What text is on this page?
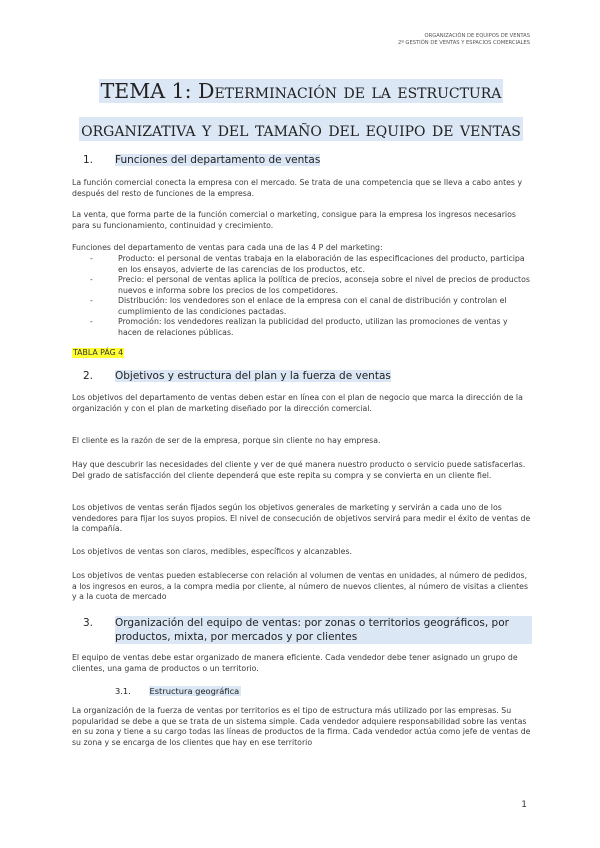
ORGANIZACIÓN DE EQUIPOS DE VENTAS
2º GESTIÓN DE VENTAS Y ESPACIOS COMERCIALES
TEMA 1: Determinación de la estructura organizativa y del tamaño del equipo de ventas
1. Funciones del departamento de ventas
La función comercial conecta la empresa con el mercado. Se trata de una competencia que se lleva a cabo antes y después del resto de funciones de la empresa.
La venta, que forma parte de la función comercial o marketing, consigue para la empresa los ingresos necesarios para su funcionamiento, continuidad y crecimiento.
Funciones del departamento de ventas para cada una de las 4 P del marketing:
- Producto: el personal de ventas trabaja en la elaboración de las especificaciones del producto, participa en los ensayos, advierte de las carencias de los productos, etc.
- Precio: el personal de ventas aplica la política de precios, aconseja sobre el nivel de precios de productos nuevos e informa sobre los precios de los competidores.
- Distribución: los vendedores son el enlace de la empresa con el canal de distribución y controlan el cumplimiento de las condiciones pactadas.
- Promoción: los vendedores realizan la publicidad del producto, utilizan las promociones de ventas y hacen de relaciones públicas.
TABLA PÁG 4
2. Objetivos y estructura del plan y la fuerza de ventas
Los objetivos del departamento de ventas deben estar en línea con el plan de negocio que marca la dirección de la organización y con el plan de marketing diseñado por la dirección comercial.
El cliente es la razón de ser de la empresa, porque sin cliente no hay empresa.
Hay que descubrir las necesidades del cliente y ver de qué manera nuestro producto o servicio puede satisfacerlas. Del grado de satisfacción del cliente dependerá que este repita su compra y se convierta en un cliente fiel.
Los objetivos de ventas serán fijados según los objetivos generales de marketing y servirán a cada uno de los vendedores para fijar los suyos propios. El nivel de consecución de objetivos servirá para medir el éxito de ventas de la compañía.
Los objetivos de ventas son claros, medibles, específicos y alcanzables.
Los objetivos de ventas pueden establecerse con relación al volumen de ventas en unidades, al número de pedidos, a los ingresos en euros, a la compra media por cliente, al número de nuevos clientes, al número de visitas a clientes y a la cuota de mercado
3. Organización del equipo de ventas: por zonas o territorios geográficos, por productos, mixta, por mercados y por clientes
El equipo de ventas debe estar organizado de manera eficiente. Cada vendedor debe tener asignado un grupo de clientes, una gama de productos o un territorio.
3.1. Estructura geográfica
La organización de la fuerza de ventas por territorios es el tipo de estructura más utilizado por las empresas. Su popularidad se debe a que se trata de un sistema simple. Cada vendedor adquiere responsabilidad sobre las ventas en su zona y tiene a su cargo todas las líneas de productos de la firma. Cada vendedor actúa como jefe de ventas de su zona y se encarga de los clientes que hay en ese territorio
1
